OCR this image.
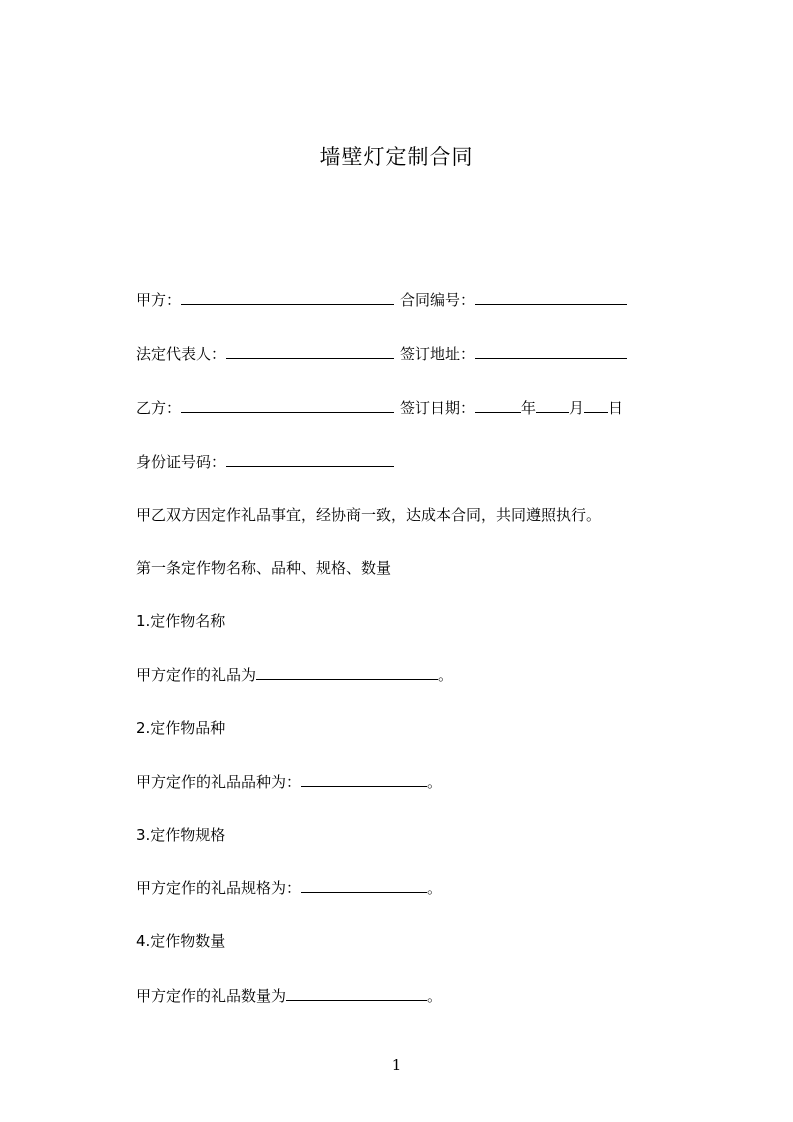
墙壁灯定制合同
甲方：	合同编号：
法定代表人：	签订地址：
乙方：	签订日期：	年 月 日
身份证号码：
甲乙双方因定作礼品事宜，经协商一致，达成本合同，共同遵照执行。
第一条定作物名称、品种、规格、数量
1.定作物名称
甲方定作的礼品为	。
2.定作物品种
甲方定作的礼品品种为：	。
3.定作物规格
甲方定作的礼品规格为：	。
4.定作物数量
甲方定作的礼品数量为	。
1
